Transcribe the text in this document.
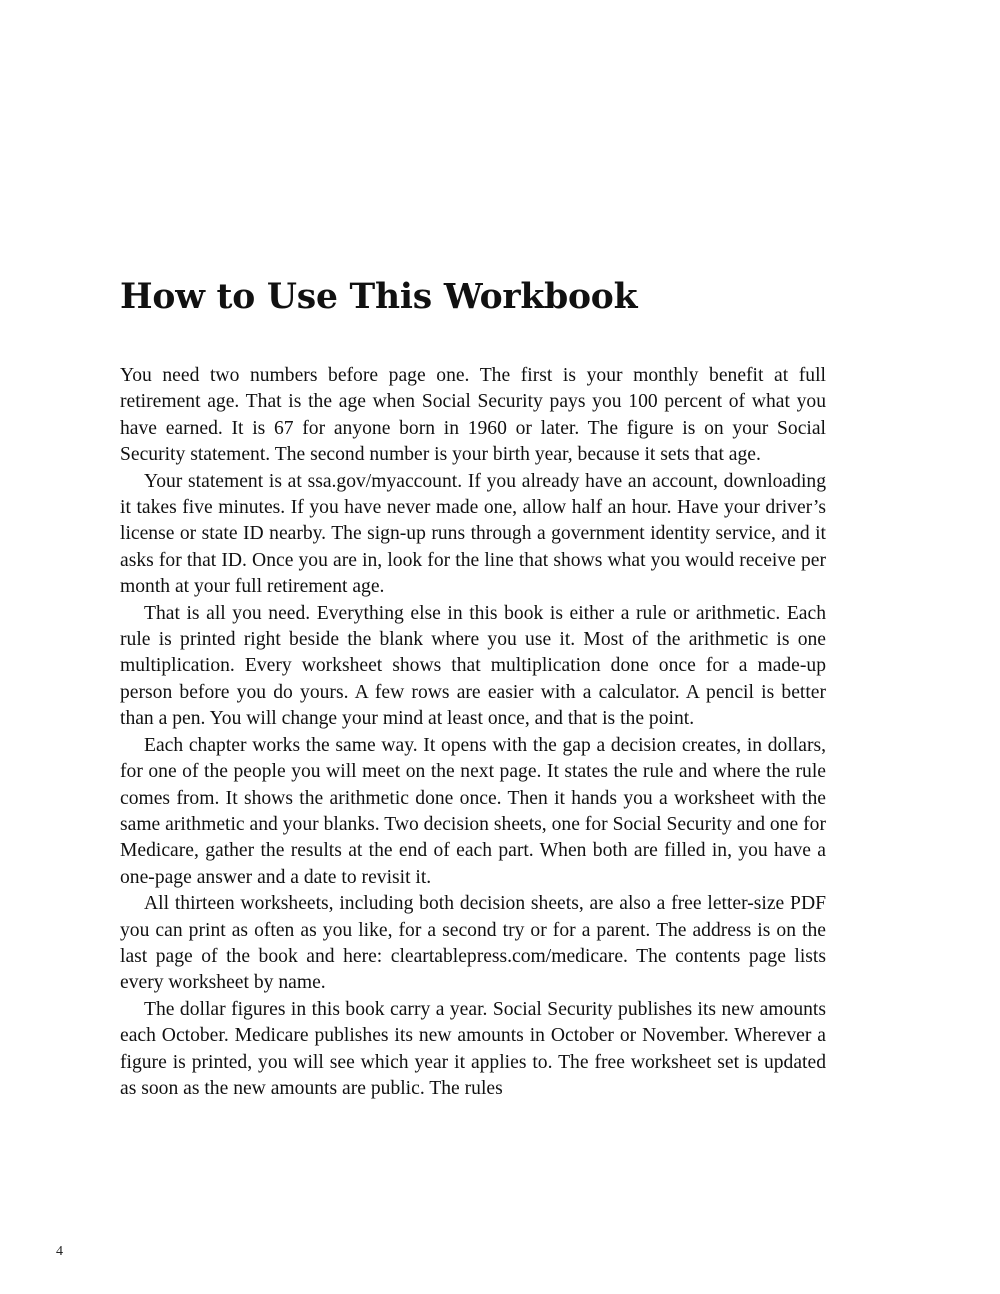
How to Use This Workbook

You need two numbers before page one. The first is your monthly benefit at full retirement age. That is the age when Social Security pays you 100 percent of what you have earned. It is 67 for anyone born in 1960 or later. The figure is on your Social Security statement. The second number is your birth year, because it sets that age.

Your statement is at ssa.gov/myaccount. If you already have an account, downloading it takes five minutes. If you have never made one, allow half an hour. Have your driver’s license or state ID nearby. The sign-up runs through a government identity service, and it asks for that ID. Once you are in, look for the line that shows what you would receive per month at your full retirement age.

That is all you need. Everything else in this book is either a rule or arithmetic. Each rule is printed right beside the blank where you use it. Most of the arithmetic is one multiplication. Every worksheet shows that multiplication done once for a made-up person before you do yours. A few rows are easier with a calculator. A pencil is better than a pen. You will change your mind at least once, and that is the point.

Each chapter works the same way. It opens with the gap a decision creates, in dollars, for one of the people you will meet on the next page. It states the rule and where the rule comes from. It shows the arithmetic done once. Then it hands you a worksheet with the same arithmetic and your blanks. Two decision sheets, one for Social Security and one for Medicare, gather the results at the end of each part. When both are filled in, you have a one-page answer and a date to revisit it.

All thirteen worksheets, including both decision sheets, are also a free letter-size PDF you can print as often as you like, for a second try or for a parent. The address is on the last page of the book and here: cleartablepress.com/medicare. The contents page lists every worksheet by name.

The dollar figures in this book carry a year. Social Security publishes its new amounts each October. Medicare publishes its new amounts in October or November. Wherever a figure is printed, you will see which year it applies to. The free worksheet set is updated as soon as the new amounts are public. The rules

4
